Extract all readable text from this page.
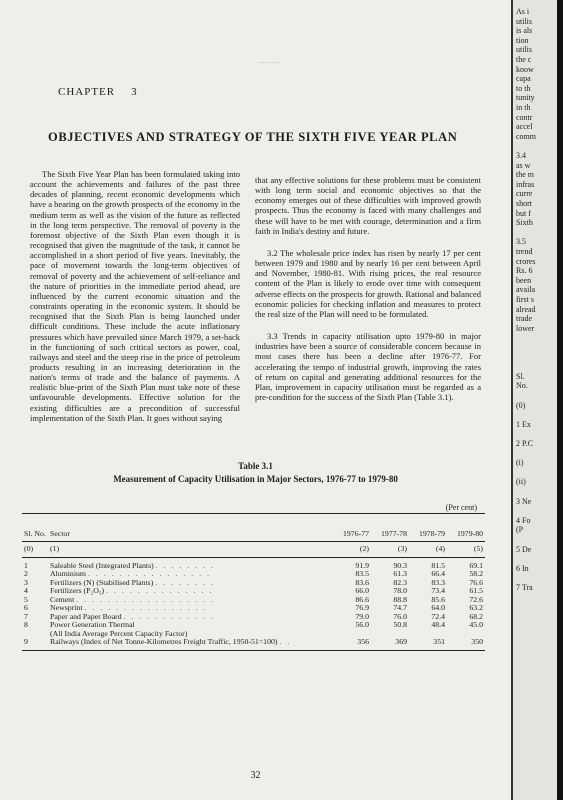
..................
CHAPTER 3
OBJECTIVES AND STRATEGY OF THE SIXTH FIVE YEAR PLAN

The Sixth Five Year Plan has been formulated taking into account the achievements and failures of the past three decades of planning, recent economic developments which have a bearing on the growth prospects of the economy in the medium term as well as the vision of the future as reflected in the long term perspective. The removal of poverty is the foremost objective of the Sixth Plan even though it is recognised that given the magnitude of the task, it cannot be accomplished in a short period of five years. Inevitably, the pace of movement towards the long-term objectives of removal of poverty and the achievement of self-reliance and the nature of priorities in the immediate period ahead, are influenced by the current economic situation and the constraints operating in the economic system. It should be recognised that the Sixth Plan is being launched under difficult conditions. These include the acute inflationary pressures which have prevailed since March 1979, a set-back in the functioning of such critical sectors as power, coal, railways and steel and the steep rise in the price of petroleum products resulting in an increasing deterioration in the nation's terms of trade and the balance of payments. A realistic blue-print of the Sixth Plan must take note of these unfavourable developments. Effective solution for the existing difficulties are a precondition of successful implementation of the Sixth Plan. It goes without saying

that any effective solutions for these problems must be consistent with long term social and economic objectives so that the economy emerges out of these difficulties with improved growth prospects. Thus the economy is faced with many challenges and these will have to be met with courage, determination and a firm faith in India's destiny and future.

3.2 The wholesale price index has risen by nearly 17 per cent between 1979 and 1980 and by nearly 16 per cent between April and November, 1980-81. With rising prices, the real resource content of the Plan is likely to erode over time with consequent adverse effects on the prospects for growth. Rational and balanced economic policies for checking inflation and measures to protect the real size of the Plan will need to be formulated.

3.3 Trends in capacity utilisation upto 1979-80 in major industries have been a source of considerable concern because in most cases there has been a decline after 1976-77. For accelerating the tempo of industrial growth, improving the rates of return on capital and generating additional resources for the Plan, improvement in capacity utilisation must be regarded as a pre-condition for the success of the Sixth Plan (Table 3.1).

Table 3.1
Measurement of Capacity Utilisation in Major Sectors, 1976-77 to 1979-80
(Per cent)
Sl. No.	Sector	1976-77	1977-78	1978-79	1979-80
(0)	(1)	(2)	(3)	(4)	(5)
1	Saleable Steel (Integrated Plants) ........	91.9	90.3	81.5	69.1
2	Aluminium ................	83.5	61.3	66.4	58.2
3	Fertilizers (N) (Stabilised Plants) ........	83.6	82.3	83.3	76.6
4	Fertilizers (P₂O₅) ..............	66.0	78.0	73.4	61.5
5	Cement ..................	86.6	88.8	85.6	72.6
6	Newsprint ................	76.9	74.7	64.0	63.2
7	Paper and Paper Board ............	79.0	76.0	72.4	68.2
8	Power Generation Thermal	56.0	50.8	48.4	45.0
	(All India Average Percent Capacity Factor)				
9	Railways (Index of Net Tonne-Kilometres Freight Traffic, 1950-51=100) ..	356	369	351	350
32
As i
utilis
is als
tion
utilis
the c
know
capa
to th
tunity
in th
contr
accel
comm
3.4
as w
the m
infras
curre
short
but f
Sixth
3.5
trend
crores
Rs. 6
been
availa
first s
alread
trade
lower
Sl.
No.
(0)
1 Ex
2 P.C
(i)
(ii)
3 Ne
4 Fo
(P
5 De
6 In
7 Tra
